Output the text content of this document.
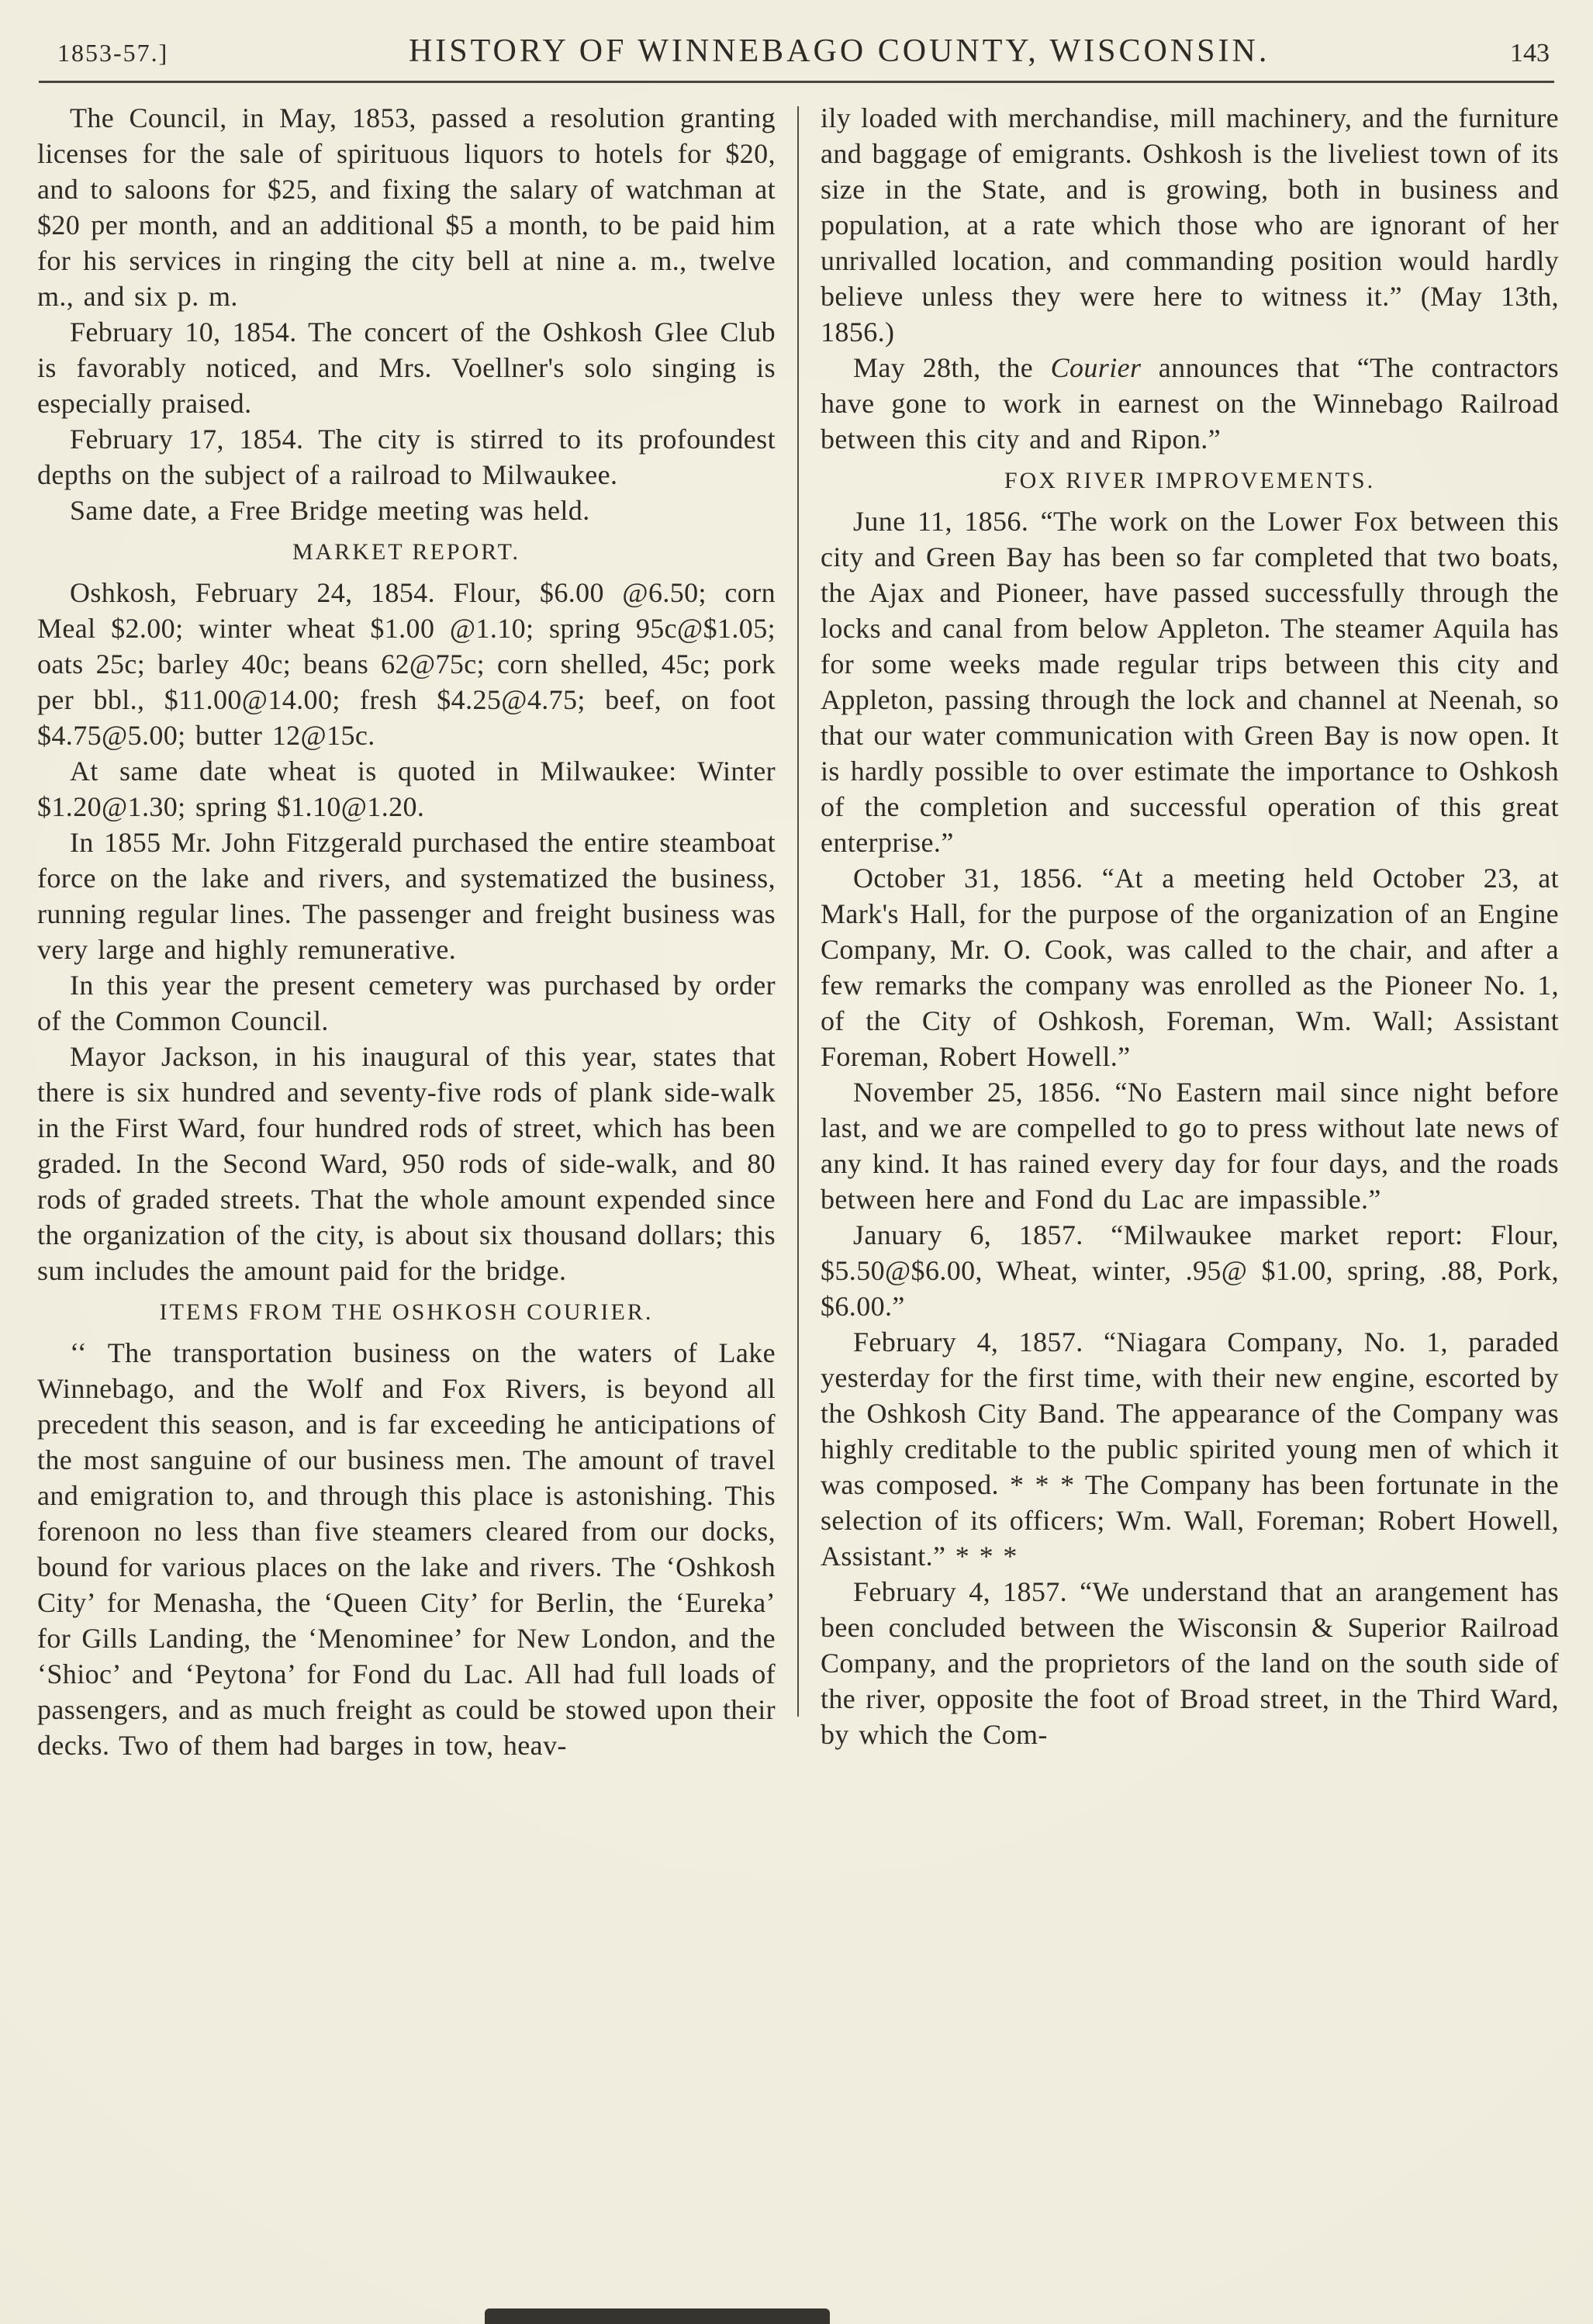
1853-57.]	HISTORY OF WINNEBAGO COUNTY, WISCONSIN.	143

The Council, in May, 1853, passed a resolution granting licenses for the sale of spirituous liquors to hotels for $20, and to saloons for $25, and fixing the salary of watchman at $20 per month, and an additional $5 a month, to be paid him for his services in ringing the city bell at nine a. m., twelve m., and six p. m.

February 10, 1854. The concert of the Oshkosh Glee Club is favorably noticed, and Mrs. Voellner's solo singing is especially praised.

February 17, 1854. The city is stirred to its profoundest depths on the subject of a railroad to Milwaukee.

Same date, a Free Bridge meeting was held.

MARKET REPORT.

Oshkosh, February 24, 1854. Flour, $6.00 @6.50; corn Meal $2.00; winter wheat $1.00 @1.10; spring 95c@$1.05; oats 25c; barley 40c; beans 62@75c; corn shelled, 45c; pork per bbl., $11.00@14.00; fresh $4.25@4.75; beef, on foot $4.75@5.00; butter 12@15c.

At same date wheat is quoted in Milwaukee: Winter $1.20@1.30; spring $1.10@1.20.

In 1855 Mr. John Fitzgerald purchased the entire steamboat force on the lake and rivers, and systematized the business, running regular lines. The passenger and freight business was very large and highly remunerative.

In this year the present cemetery was purchased by order of the Common Council.

Mayor Jackson, in his inaugural of this year, states that there is six hundred and seventy-five rods of plank side-walk in the First Ward, four hundred rods of street, which has been graded. In the Second Ward, 950 rods of side-walk, and 80 rods of graded streets. That the whole amount expended since the organization of the city, is about six thousand dollars; this sum includes the amount paid for the bridge.

ITEMS FROM THE OSHKOSH COURIER.

‘‘ The transportation business on the waters of Lake Winnebago, and the Wolf and Fox Rivers, is beyond all precedent this season, and is far exceeding he anticipations of the most sanguine of our business men. The amount of travel and emigration to, and through this place is astonishing. This forenoon no less than five steamers cleared from our docks, bound for various places on the lake and rivers. The ‘Oshkosh City’ for Menasha, the ‘Queen City’ for Berlin, the ‘Eureka’ for Gills Landing, the ‘Menominee’ for New London, and the ‘Shioc’ and ‘Peytona’ for Fond du Lac. All had full loads of passengers, and as much freight as could be stowed upon their decks. Two of them had barges in tow, heav-

ily loaded with merchandise, mill machinery, and the furniture and baggage of emigrants. Oshkosh is the liveliest town of its size in the State, and is growing, both in business and population, at a rate which those who are ignorant of her unrivalled location, and commanding position would hardly believe unless they were here to witness it.” (May 13th, 1856.)

May 28th, the Courier announces that “The contractors have gone to work in earnest on the Winnebago Railroad between this city and and Ripon.”

FOX RIVER IMPROVEMENTS.

June 11, 1856. “The work on the Lower Fox between this city and Green Bay has been so far completed that two boats, the Ajax and Pioneer, have passed successfully through the locks and canal from below Appleton. The steamer Aquila has for some weeks made regular trips between this city and Appleton, passing through the lock and channel at Neenah, so that our water communication with Green Bay is now open. It is hardly possible to over estimate the importance to Oshkosh of the completion and successful operation of this great enterprise.”

October 31, 1856. “At a meeting held October 23, at Mark's Hall, for the purpose of the organization of an Engine Company, Mr. O. Cook, was called to the chair, and after a few remarks the company was enrolled as the Pioneer No. 1, of the City of Oshkosh, Foreman, Wm. Wall; Assistant Foreman, Robert Howell.”

November 25, 1856. “No Eastern mail since night before last, and we are compelled to go to press without late news of any kind. It has rained every day for four days, and the roads between here and Fond du Lac are impassible.”

January 6, 1857. “Milwaukee market report: Flour, $5.50@$6.00, Wheat, winter, .95@ $1.00, spring, .88, Pork, $6.00.”

February 4, 1857. “Niagara Company, No. 1, paraded yesterday for the first time, with their new engine, escorted by the Oshkosh City Band. The appearance of the Company was highly creditable to the public spirited young men of which it was composed. * * * The Company has been fortunate in the selection of its officers; Wm. Wall, Foreman; Robert Howell, Assistant.” * * *

February 4, 1857. “We understand that an arangement has been concluded between the Wisconsin & Superior Railroad Company, and the proprietors of the land on the south side of the river, opposite the foot of Broad street, in the Third Ward, by which the Com-
